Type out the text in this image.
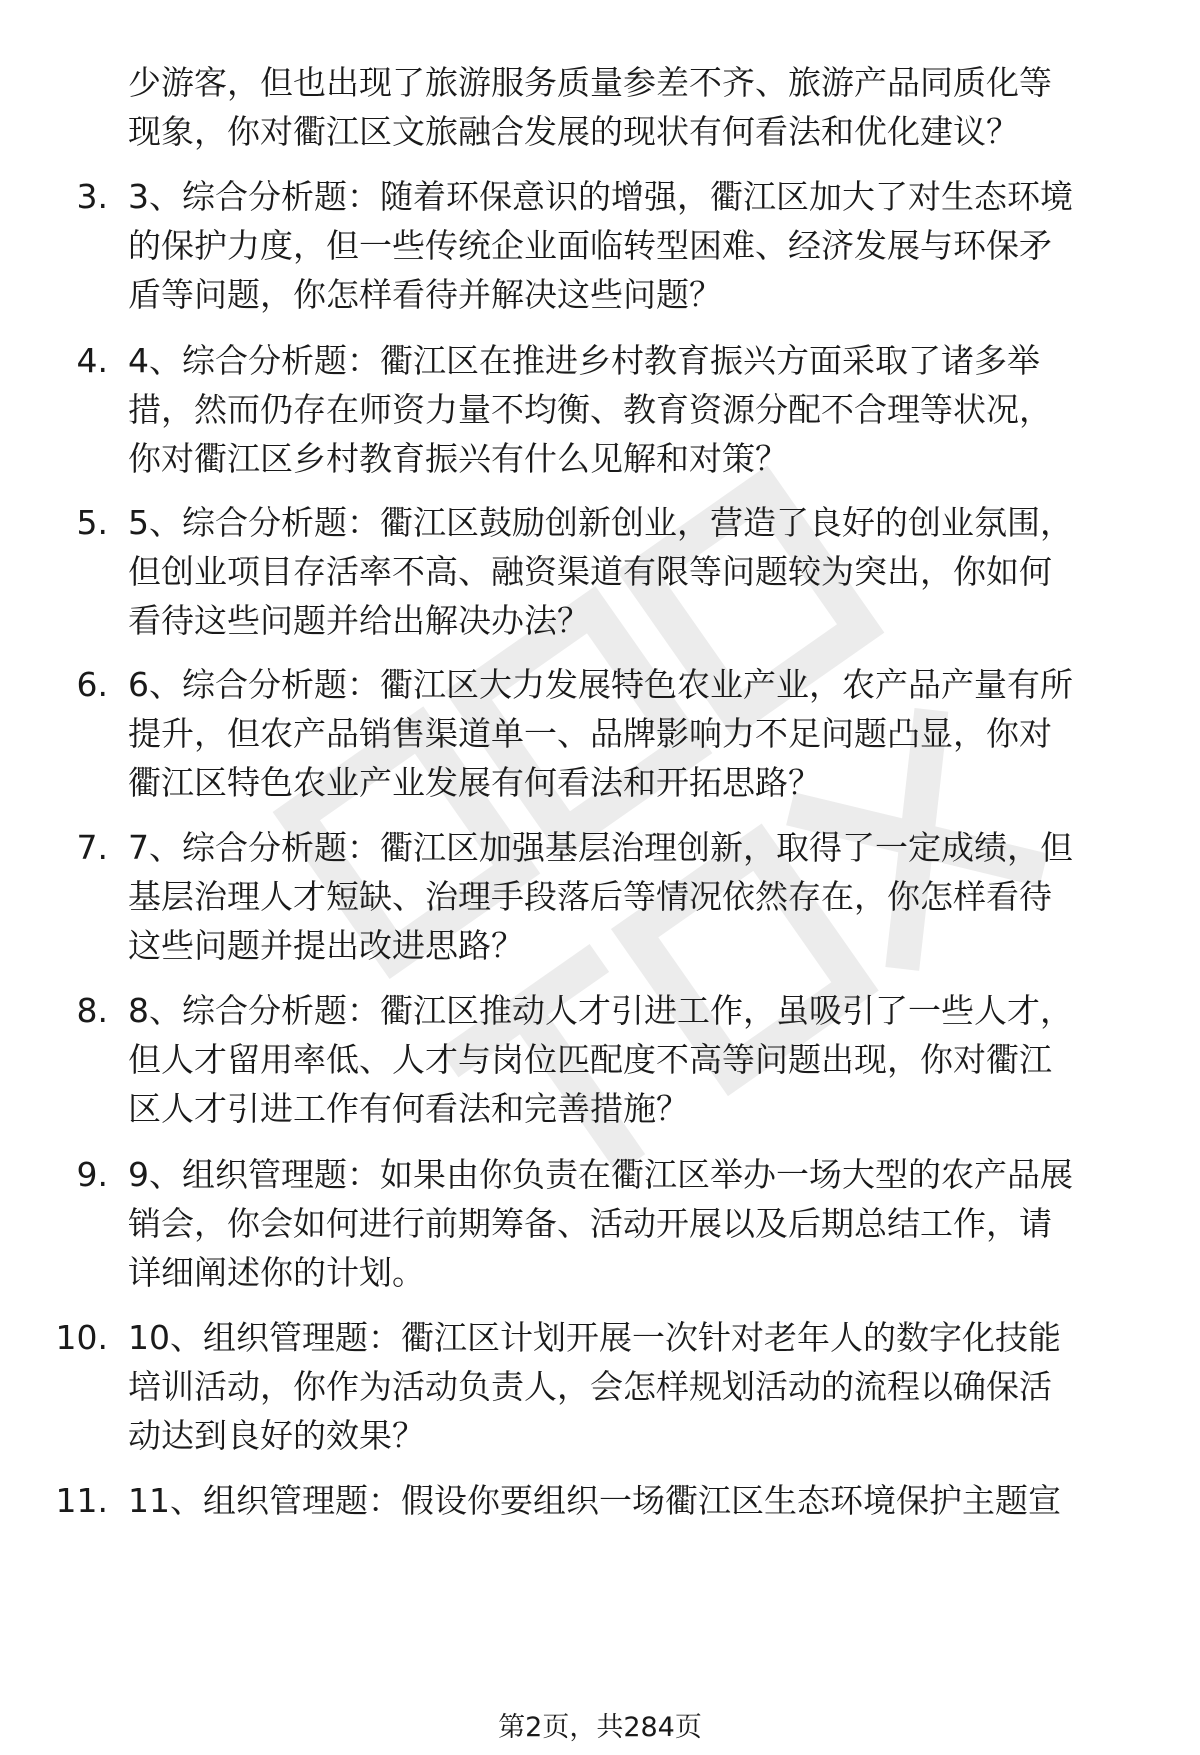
少游客，但也出现了旅游服务质量参差不齐、旅游产品同质化等
现象，你对衢江区文旅融合发展的现状有何看法和优化建议？
3. 3、综合分析题：随着环保意识的增强，衢江区加大了对生态环境
的保护力度，但一些传统企业面临转型困难、经济发展与环保矛
盾等问题，你怎样看待并解决这些问题？
4. 4、综合分析题：衢江区在推进乡村教育振兴方面采取了诸多举
措，然而仍存在师资力量不均衡、教育资源分配不合理等状况，
你对衢江区乡村教育振兴有什么见解和对策？
5. 5、综合分析题：衢江区鼓励创新创业，营造了良好的创业氛围，
但创业项目存活率不高、融资渠道有限等问题较为突出，你如何
看待这些问题并给出解决办法？
6. 6、综合分析题：衢江区大力发展特色农业产业，农产品产量有所
提升，但农产品销售渠道单一、品牌影响力不足问题凸显，你对
衢江区特色农业产业发展有何看法和开拓思路？
7. 7、综合分析题：衢江区加强基层治理创新，取得了一定成绩，但
基层治理人才短缺、治理手段落后等情况依然存在，你怎样看待
这些问题并提出改进思路？
8. 8、综合分析题：衢江区推动人才引进工作，虽吸引了一些人才，
但人才留用率低、人才与岗位匹配度不高等问题出现，你对衢江
区人才引进工作有何看法和完善措施？
9. 9、组织管理题：如果由你负责在衢江区举办一场大型的农产品展
销会，你会如何进行前期筹备、活动开展以及后期总结工作，请
详细阐述你的计划。
10. 10、组织管理题：衢江区计划开展一次针对老年人的数字化技能
培训活动，你作为活动负责人，会怎样规划活动的流程以确保活
动达到良好的效果？
11. 11、组织管理题：假设你要组织一场衢江区生态环境保护主题宣
第2页，共284页
